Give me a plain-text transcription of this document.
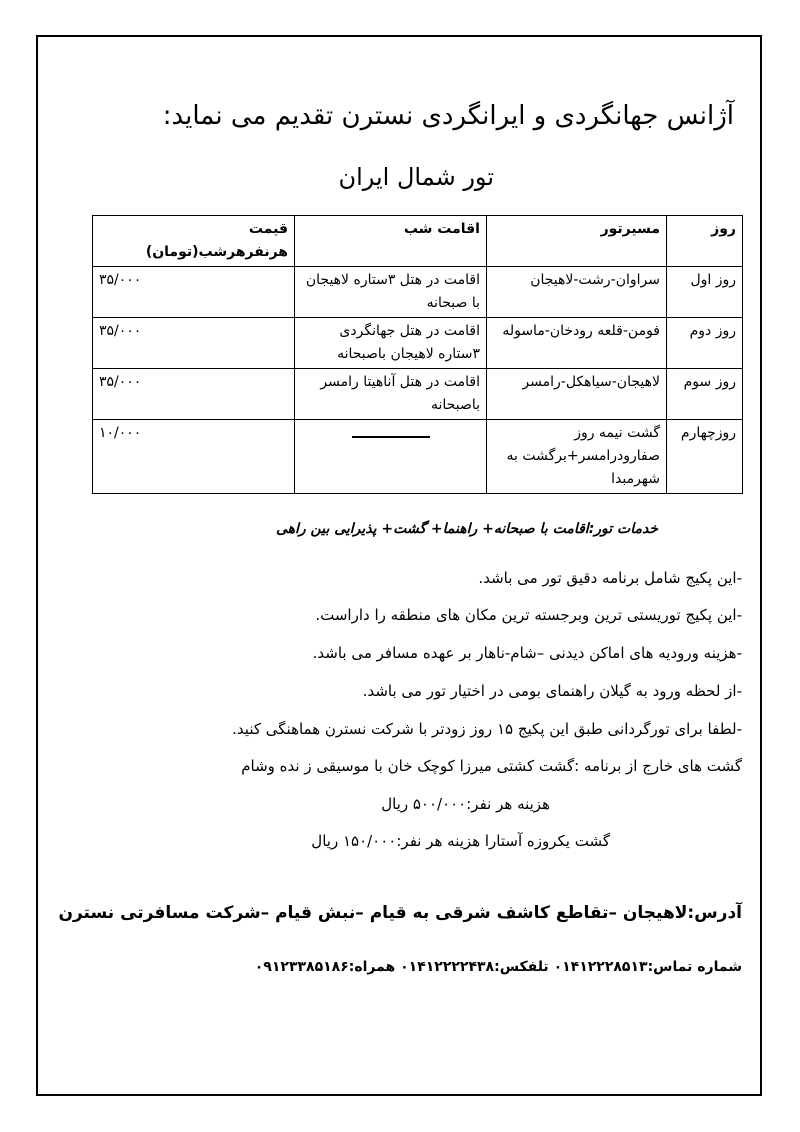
آژانس جهانگردی و ایرانگردی نسترن تقدیم می نماید:
تور شمال ایران
روز	مسیرتور	اقامت شب	قیمت
هرنفرهرشب(تومان)
روز اول	سراوان-رشت-لاهیجان	اقامت در هتل ۳ستاره لاهیجان با صبحانه	۳۵/۰۰۰
روز دوم	فومن-قلعه رودخان-ماسوله	اقامت در هتل جهانگردی ۳ستاره لاهیجان باصبحانه	۳۵/۰۰۰
روز سوم	لاهیجان-سیاهکل-رامسر	اقامت در هتل آناهیتا رامسر باصبحانه	۳۵/۰۰۰
روزچهارم	گشت نیمه روز صفارودرامسر+برگشت به شهرمبدا		۱۰/۰۰۰
خدمات تور:اقامت با صبحانه+ راهنما+ گشت+ پذیرایی بین راهی
-این پکیج شامل برنامه دقیق تور می باشد.
-این پکیج توریستی ترین وبرجسته ترین مکان های منطقه را داراست.
-هزینه ورودیه های اماکن دیدنی –شام-ناهار بر عهده مسافر می باشد.
-از لحظه ورود به گیلان راهنمای بومی در اختیار تور می باشد.
-لطفا برای تورگردانی طبق این پکیج ۱۵ روز زودتر با شرکت نسترن هماهنگی کنید.
گشت های خارج از برنامه :گشت کشتی میرزا کوچک خان با موسیقی ز نده وشام
هزینه هر نفر:۵۰۰/۰۰۰ ریال
گشت یکروزه آستارا هزینه هر نفر:۱۵۰/۰۰۰ ریال
آدرس:لاهیجان –تقاطع کاشف شرقی به قیام –نبش قیام –شرکت مسافرتی نسترن
شماره تماس:۰۱۴۱۲۲۲۸۵۱۳ تلفکس:۰۱۴۱۲۲۲۲۴۳۸ همراه:۰۹۱۲۳۳۸۵۱۸۶
